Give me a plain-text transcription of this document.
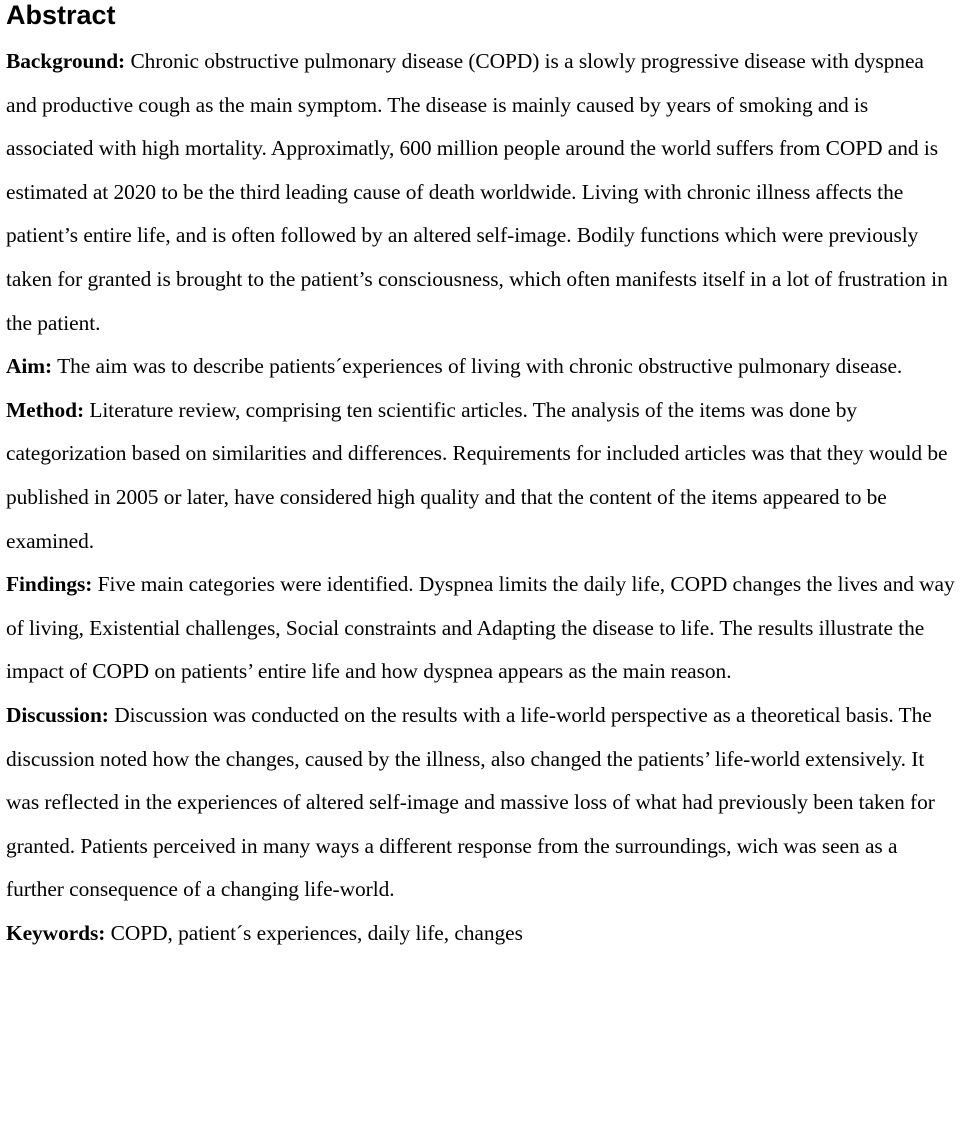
Abstract

Background: Chronic obstructive pulmonary disease (COPD) is a slowly progressive disease with dyspnea and productive cough as the main symptom. The disease is mainly caused by years of smoking and is associated with high mortality. Approximatly, 600 million people around the world suffers from COPD and is estimated at 2020 to be the third leading cause of death worldwide. Living with chronic illness affects the patient’s entire life, and is often followed by an altered self-image. Bodily functions which were previously taken for granted is brought to the patient’s consciousness, which often manifests itself in a lot of frustration in the patient.

Aim: The aim was to describe patients´experiences of living with chronic obstructive pulmonary disease.

Method: Literature review, comprising ten scientific articles. The analysis of the items was done by categorization based on similarities and differences. Requirements for included articles was that they would be published in 2005 or later, have considered high quality and that the content of the items appeared to be examined.

Findings: Five main categories were identified. Dyspnea limits the daily life, COPD changes the lives and way of living, Existential challenges, Social constraints and Adapting the disease to life. The results illustrate the impact of COPD on patients’ entire life and how dyspnea appears as the main reason.

Discussion: Discussion was conducted on the results with a life-world perspective as a theoretical basis. The discussion noted how the changes, caused by the illness, also changed the patients’ life-world extensively. It was reflected in the experiences of altered self-image and massive loss of what had previously been taken for granted. Patients perceived in many ways a different response from the surroundings, wich was seen as a further consequence of a changing life-world.

Keywords: COPD, patient´s experiences, daily life, changes
